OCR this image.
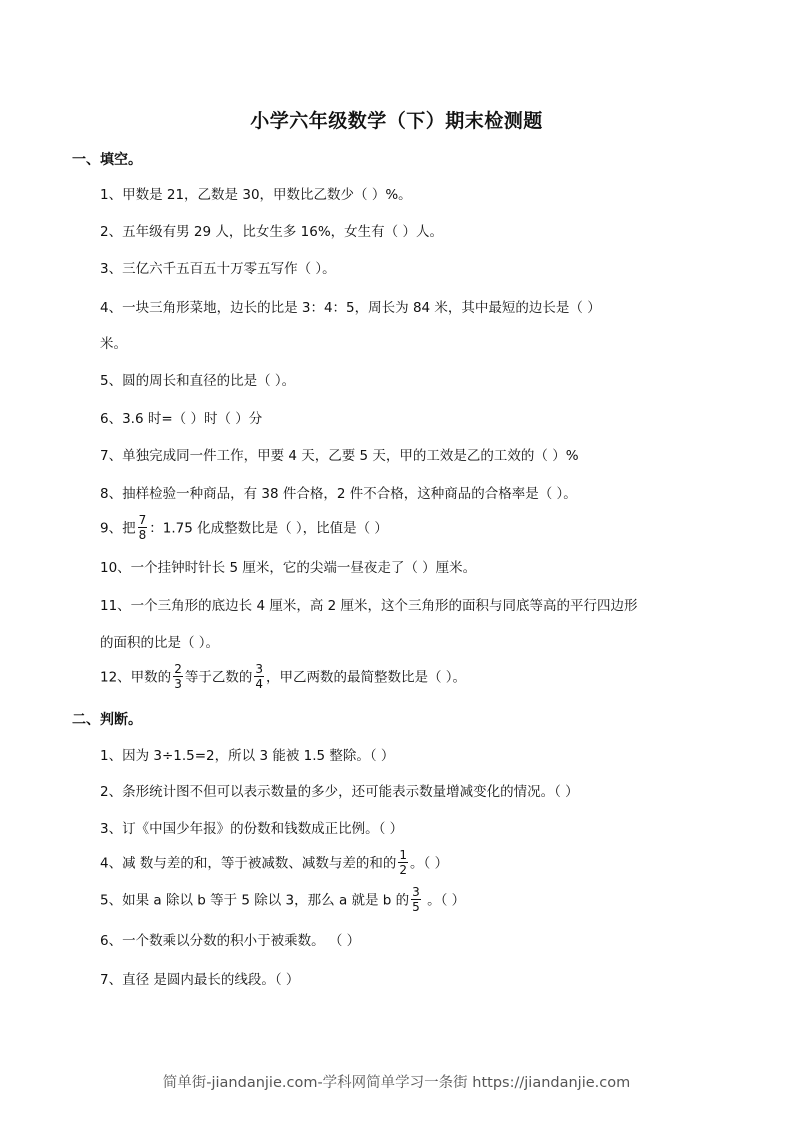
小学六年级数学（下）期末检测题
一、填空。
1、甲数是 21，乙数是 30，甲数比乙数少（ ）%。
2、五年级有男 29 人，比女生多 16%，女生有（ ）人。
3、三亿六千五百五十万零五写作（ ）。
4、一块三角形菜地，边长的比是 3：4：5，周长为 84 米，其中最短的边长是（ ）
米。
5、圆的周长和直径的比是（ ）。
6、3.6 时=（ ）时（ ）分
7、单独完成同一件工作，甲要 4 天，乙要 5 天，甲的工效是乙的工效的（ ）%
8、抽样检验一种商品，有 38 件合格，2 件不合格，这种商品的合格率是（ ）。
9、把 $\frac{7}{8}$ ：1.75 化成整数比是（ ），比值是（ ）
10、一个挂钟时针长 5 厘米，它的尖端一昼夜走了（ ）厘米。
11、一个三角形的底边长 4 厘米，高 2 厘米，这个三角形的面积与同底等高的平行四边形
的面积的比是（ ）。
12、甲数的 $\frac{2}{3}$ 等于乙数的 $\frac{3}{4}$ ，甲乙两数的最简整数比是（ ）。
二、判断。
1、因为 3÷1.5=2，所以 3 能被 1.5 整除。（ ）
2、条形统计图不但可以表示数量的多少，还可能表示数量增减变化的情况。（ ）
3、订《中国少年报》的份数和钱数成正比例。（ ）
4、减 数与差的和，等于被减数、减数与差的和的 $\frac{1}{2}$ 。（ ）
5、如果 a 除以 b 等于 5 除以 3，那么 a 就是 b 的 $\frac{3}{5}$ 。（ ）
6、一个数乘以分数的积小于被乘数。 （ ）
7、直径 是圆内最长的线段。（ ）
简单街-jiandanjie.com-学科网简单学习一条街 https://jiandanjie.com
